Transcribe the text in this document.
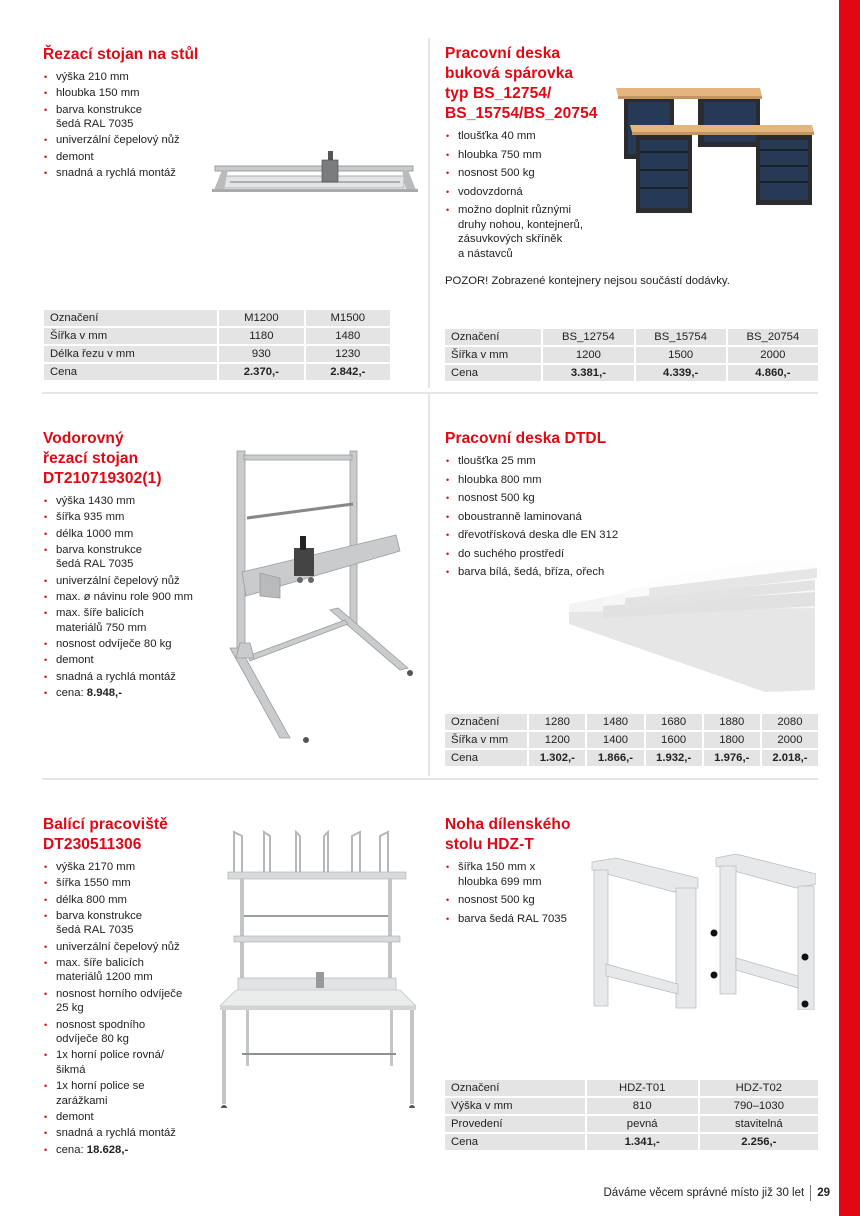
Řezací stojan na stůl
• výška 210 mm
• hloubka 150 mm
• barva konstrukce
šedá RAL 7035
• univerzální čepelový nůž
• demont
• snadná a rychlá montáž
Označení	M1200	M1500
Šířka v mm	1180	1480
Délka řezu v mm	930	1230
Cena	2.370,-	2.842,-
Pracovní deska
buková spárovka
typ BS_12754/
BS_15754/BS_20754
• tloušťka 40 mm
• hloubka 750 mm
• nosnost 500 kg
• vodovzdorná
• možno doplnit různými
druhy nohou, kontejnerů,
zásuvkových skříněk
a nástavců
POZOR! Zobrazené kontejnery nejsou součástí dodávky.
Označení	BS_12754	BS_15754	BS_20754
Šířka v mm	1200	1500	2000
Cena	3.381,-	4.339,-	4.860,-
Vodorovný
řezací stojan
DT210719302(1)
• výška 1430 mm
• šířka 935 mm
• délka 1000 mm
• barva konstrukce
šedá RAL 7035
• univerzální čepelový nůž
• max. ø návinu role 900 mm
• max. šíře balicích
materiálů 750 mm
• nosnost odvíječe 80 kg
• demont
• snadná a rychlá montáž
• cena: 8.948,-
Pracovní deska DTDL
• tloušťka 25 mm
• hloubka 800 mm
• nosnost 500 kg
• oboustranně laminovaná
• dřevotřísková deska dle EN 312
• do suchého prostředí
• barva bílá, šedá, bříza, ořech
Označení	1280	1480	1680	1880	2080
Šířka v mm	1200	1400	1600	1800	2000
Cena	1.302,-	1.866,-	1.932,-	1.976,-	2.018,-
Balící pracoviště
DT230511306
• výška 2170 mm
• šířka 1550 mm
• délka 800 mm
• barva konstrukce
šedá RAL 7035
• univerzální čepelový nůž
• max. šíře balicích
materiálů 1200 mm
• nosnost horního odvíječe
25 kg
• nosnost spodního
odvíječe 80 kg
• 1x horní police rovná/
šikmá
• 1x horní police se
zarážkami
• demont
• snadná a rychlá montáž
• cena: 18.628,-
Noha dílenského
stolu HDZ-T
• šířka 150 mm x
hloubka 699 mm
• nosnost 500 kg
• barva šedá RAL 7035
Označení	HDZ-T01	HDZ-T02
Výška v mm	810	790–1030
Provedení	pevná	stavitelná
Cena	1.341,-	2.256,-
Dáváme věcem správné místo již 30 let 29
